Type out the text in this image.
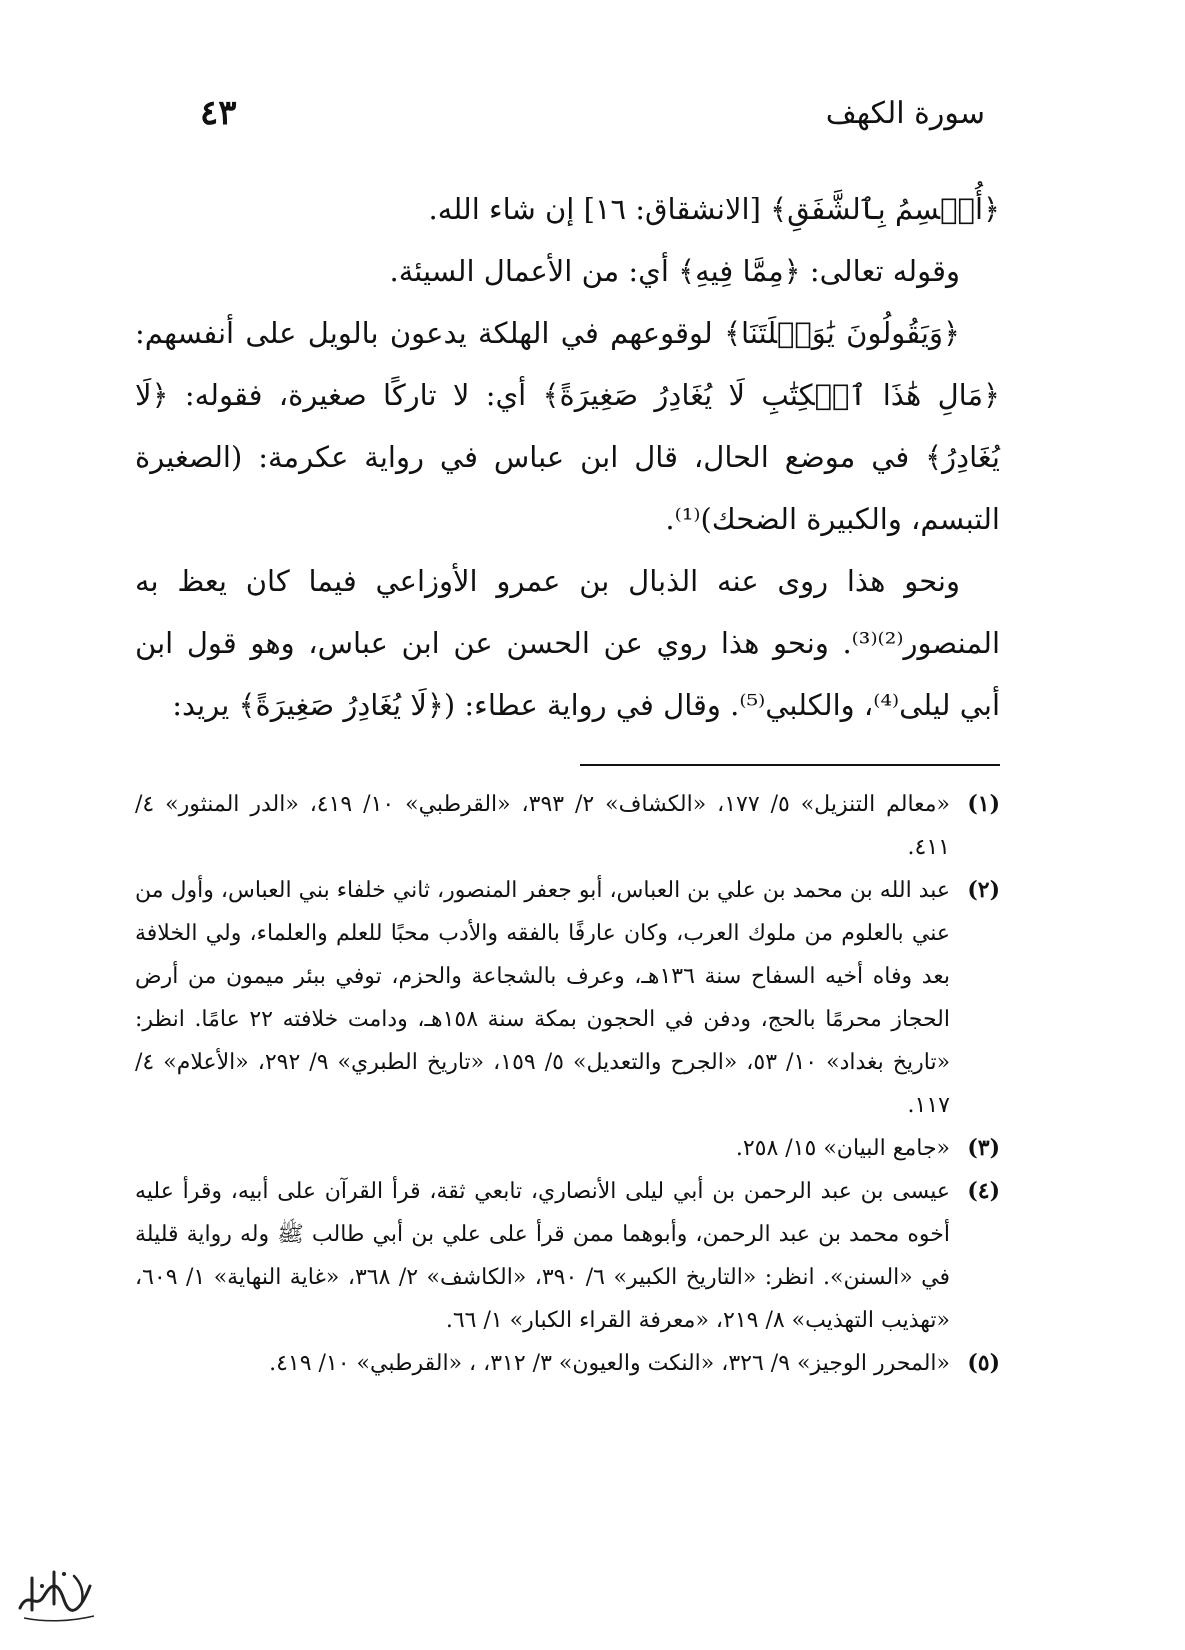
سورة الكهف
٤٣

﴿أُقۡسِمُ بِٱلشَّفَقِ﴾ [الانشقاق: ١٦] إن شاء الله.

وقوله تعالى: ﴿مِمَّا فِيهِ﴾ أي: من الأعمال السيئة.

﴿وَيَقُولُونَ يَٰوَيۡلَتَنَا﴾ لوقوعهم في الهلكة يدعون بالويل على أنفسهم: ﴿مَالِ هَٰذَا ٱلۡكِتَٰبِ لَا يُغَادِرُ صَغِيرَةً﴾ أي: لا تاركًا صغيرة، فقوله: ﴿لَا يُغَادِرُ﴾ في موضع الحال، قال ابن عباس في رواية عكرمة: (الصغيرة التبسم، والكبيرة الضحك)⁽¹⁾.

ونحو هذا روى عنه الذبال بن عمرو الأوزاعي فيما كان يعظ به المنصور⁽²⁾⁽³⁾. ونحو هذا روي عن الحسن عن ابن عباس، وهو قول ابن أبي ليلى⁽⁴⁾، والكلبي⁽⁵⁾. وقال في رواية عطاء: (﴿لَا يُغَادِرُ صَغِيرَةً﴾ يريد:

(١)
«معالم التنزيل» ٥/ ١٧٧، «الكشاف» ٢/ ٣٩٣، «القرطبي» ١٠/ ٤١٩، «الدر المنثور» ٤/ ٤١١.
(٢)
عبد الله بن محمد بن علي بن العباس، أبو جعفر المنصور، ثاني خلفاء بني العباس، وأول من عني بالعلوم من ملوك العرب، وكان عارفًا بالفقه والأدب محبًا للعلم والعلماء، ولي الخلافة بعد وفاه أخيه السفاح سنة ١٣٦هـ، وعرف بالشجاعة والحزم، توفي ببئر ميمون من أرض الحجاز محرمًا بالحج، ودفن في الحجون بمكة سنة ١٥٨هـ، ودامت خلافته ٢٢ عامًا. انظر: «تاريخ بغداد» ١٠/ ٥٣، «الجرح والتعديل» ٥/ ١٥٩، «تاريخ الطبري» ٩/ ٢٩٢، «الأعلام» ٤/ ١١٧.
(٣)
«جامع البيان» ١٥/ ٢٥٨.
(٤)
عيسى بن عبد الرحمن بن أبي ليلى الأنصاري، تابعي ثقة، قرأ القرآن على أبيه، وقرأ عليه أخوه محمد بن عبد الرحمن، وأبوهما ممن قرأ على علي بن أبي طالب ﷺ وله رواية قليلة في «السنن». انظر: «التاريخ الكبير» ٦/ ٣٩٠، «الكاشف» ٢/ ٣٦٨، «غاية النهاية» ١/ ٦٠٩، «تهذيب التهذيب» ٨/ ٢١٩، «معرفة القراء الكبار» ١/ ٦٦.
(٥)
«المحرر الوجيز» ٩/ ٣٢٦، «النكت والعيون» ٣/ ٣١٢، ، «القرطبي» ١٠/ ٤١٩.
